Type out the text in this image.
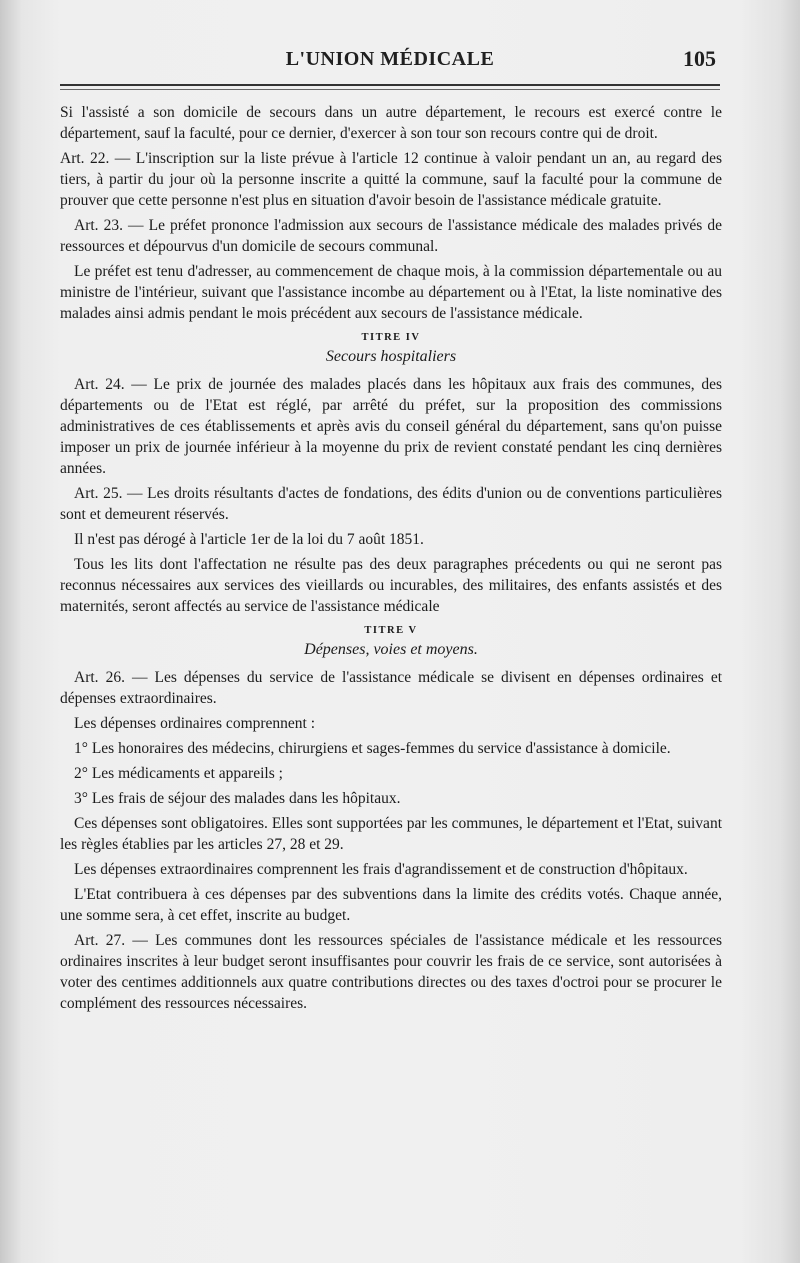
L'UNION MÉDICALE	105

Si l'assisté a son domicile de secours dans un autre département, le recours est exercé contre le département, sauf la faculté, pour ce dernier, d'exercer à son tour son recours contre qui de droit.

Art. 22. — L'inscription sur la liste prévue à l'article 12 continue à valoir pendant un an, au regard des tiers, à partir du jour où la personne inscrite a quitté la commune, sauf la faculté pour la commune de prouver que cette personne n'est plus en situation d'avoir besoin de l'assistance médicale gratuite.

Art. 23. — Le préfet prononce l'admission aux secours de l'assistance médicale des malades privés de ressources et dépourvus d'un domicile de secours communal.

Le préfet est tenu d'adresser, au commencement de chaque mois, à la commission départementale ou au ministre de l'intérieur, suivant que l'assistance incombe au département ou à l'Etat, la liste nominative des malades ainsi admis pendant le mois précédent aux secours de l'assistance médicale.

TITRE IV
Secours hospitaliers

Art. 24. — Le prix de journée des malades placés dans les hôpitaux aux frais des communes, des départements ou de l'Etat est réglé, par arrêté du préfet, sur la proposition des commissions administratives de ces établissements et après avis du conseil général du département, sans qu'on puisse imposer un prix de journée inférieur à la moyenne du prix de revient constaté pendant les cinq dernières années.

Art. 25. — Les droits résultants d'actes de fondations, des édits d'union ou de conventions particulières sont et demeurent réservés.

Il n'est pas dérogé à l'article 1er de la loi du 7 août 1851.

Tous les lits dont l'affectation ne résulte pas des deux paragraphes précedents ou qui ne seront pas reconnus nécessaires aux services des vieillards ou incurables, des militaires, des enfants assistés et des maternités, seront affectés au service de l'assistance médicale

TITRE V
Dépenses, voies et moyens.

Art. 26. — Les dépenses du service de l'assistance médicale se divisent en dépenses ordinaires et dépenses extraordinaires.

Les dépenses ordinaires comprennent :

1° Les honoraires des médecins, chirurgiens et sages-femmes du service d'assistance à domicile.

2° Les médicaments et appareils ;

3° Les frais de séjour des malades dans les hôpitaux.

Ces dépenses sont obligatoires. Elles sont supportées par les communes, le département et l'Etat, suivant les règles établies par les articles 27, 28 et 29.

Les dépenses extraordinaires comprennent les frais d'agrandissement et de construction d'hôpitaux.

L'Etat contribuera à ces dépenses par des subventions dans la limite des crédits votés. Chaque année, une somme sera, à cet effet, inscrite au budget.

Art. 27. — Les communes dont les ressources spéciales de l'assistance médicale et les ressources ordinaires inscrites à leur budget seront insuffisantes pour couvrir les frais de ce service, sont autorisées à voter des centimes additionnels aux quatre contributions directes ou des taxes d'octroi pour se procurer le complément des ressources nécessaires.
